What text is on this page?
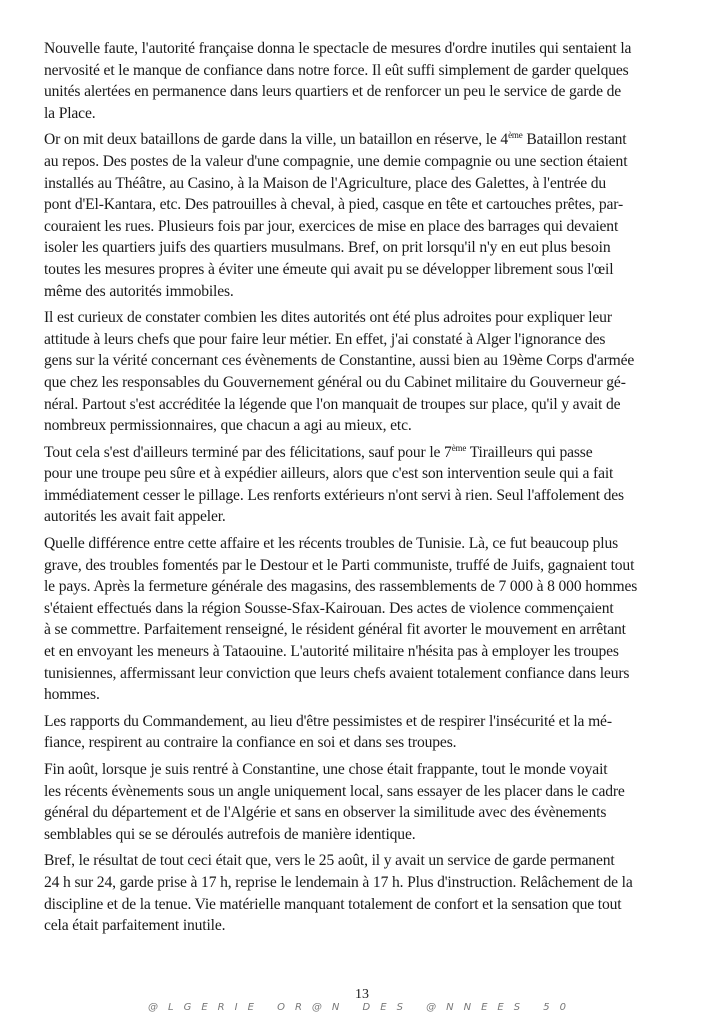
Nouvelle faute, l'autorité française donna le spectacle de mesures d'ordre inutiles qui sentaient la
nervosité et le manque de confiance dans notre force. Il eût suffi simplement de garder quelques
unités alertées en permanence dans leurs quartiers et de renforcer un peu le service de garde de
la Place.

Or on mit deux bataillons de garde dans la ville, un bataillon en réserve, le 4ème Bataillon restant
au repos. Des postes de la valeur d'une compagnie, une demie compagnie ou une section étaient
installés au Théâtre, au Casino, à la Maison de l'Agriculture, place des Galettes, à l'entrée du
pont d'El-Kantara, etc. Des patrouilles à cheval, à pied, casque en tête et cartouches prêtes, par-
couraient les rues. Plusieurs fois par jour, exercices de mise en place des barrages qui devaient
isoler les quartiers juifs des quartiers musulmans. Bref, on prit lorsqu'il n'y en eut plus besoin
toutes les mesures propres à éviter une émeute qui avait pu se développer librement sous l'œil
même des autorités immobiles.

Il est curieux de constater combien les dites autorités ont été plus adroites pour expliquer leur
attitude à leurs chefs que pour faire leur métier. En effet, j'ai constaté à Alger l'ignorance des
gens sur la vérité concernant ces évènements de Constantine, aussi bien au 19ème Corps d'armée
que chez les responsables du Gouvernement général ou du Cabinet militaire du Gouverneur gé-
néral. Partout s'est accréditée la légende que l'on manquait de troupes sur place, qu'il y avait de
nombreux permissionnaires, que chacun a agi au mieux, etc.

Tout cela s'est d'ailleurs terminé par des félicitations, sauf pour le 7ème Tirailleurs qui passe
pour une troupe peu sûre et à expédier ailleurs, alors que c'est son intervention seule qui a fait
immédiatement cesser le pillage. Les renforts extérieurs n'ont servi à rien. Seul l'affolement des
autorités les avait fait appeler.

Quelle différence entre cette affaire et les récents troubles de Tunisie. Là, ce fut beaucoup plus
grave, des troubles fomentés par le Destour et le Parti communiste, truffé de Juifs, gagnaient tout
le pays. Après la fermeture générale des magasins, des rassemblements de 7 000 à 8 000 hommes
s'étaient effectués dans la région Sousse-Sfax-Kairouan. Des actes de violence commençaient
à se commettre. Parfaitement renseigné, le résident général fit avorter le mouvement en arrêtant
et en envoyant les meneurs à Tataouine. L'autorité militaire n'hésita pas à employer les troupes
tunisiennes, affermissant leur conviction que leurs chefs avaient totalement confiance dans leurs
hommes.

Les rapports du Commandement, au lieu d'être pessimistes et de respirer l'insécurité et la mé-
fiance, respirent au contraire la confiance en soi et dans ses troupes.

Fin août, lorsque je suis rentré à Constantine, une chose était frappante, tout le monde voyait
les récents évènements sous un angle uniquement local, sans essayer de les placer dans le cadre
général du département et de l'Algérie et sans en observer la similitude avec des évènements
semblables qui se se déroulés autrefois de manière identique.

Bref, le résultat de tout ceci était que, vers le 25 août, il y avait un service de garde permanent
24 h sur 24, garde prise à 17 h, reprise le lendemain à 17 h. Plus d'instruction. Relâchement de la
discipline et de la tenue. Vie matérielle manquant totalement de confort et la sensation que tout
cela était parfaitement inutile.

13
@LGERIE OR@N DES @NNEES 50
